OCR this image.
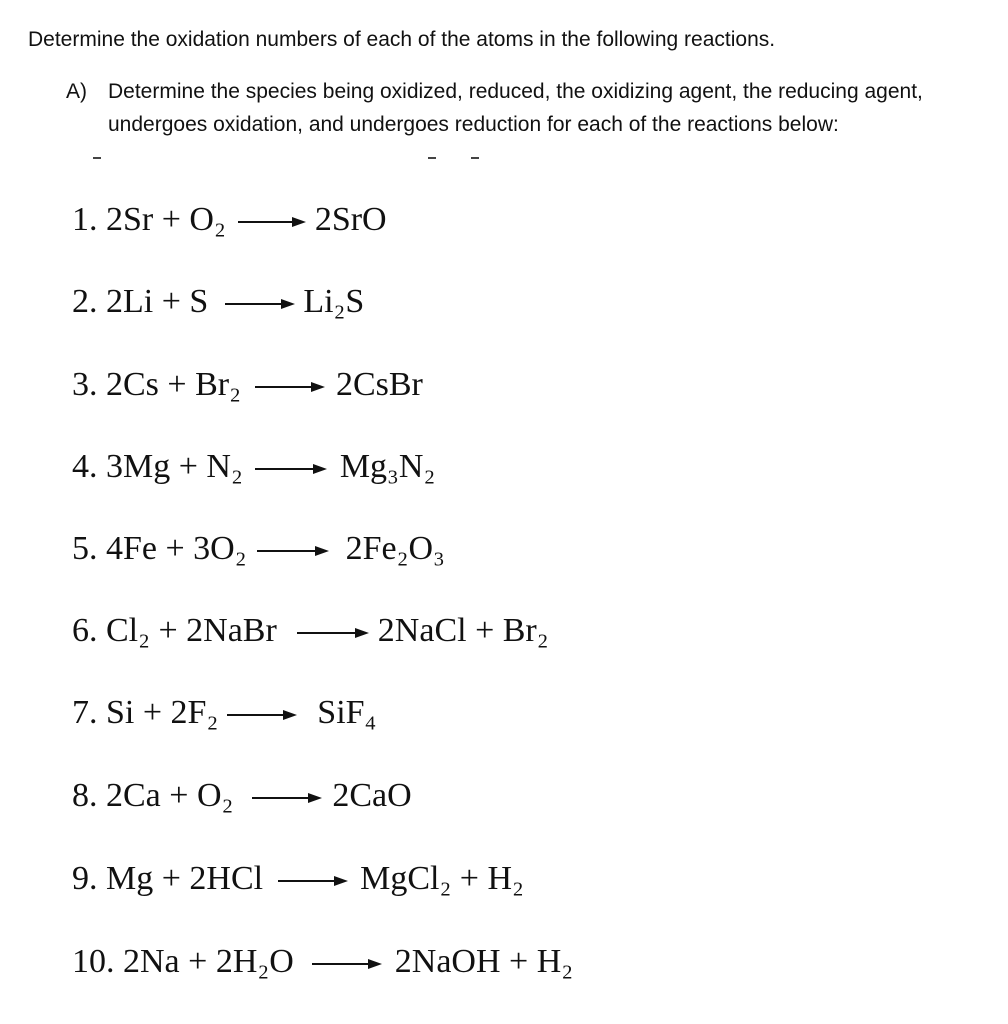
Determine the oxidation numbers of each of the atoms in the following reactions.
A) Determine the species being oxidized, reduced, the oxidizing agent, the reducing agent, undergoes oxidation, and undergoes reduction for each of the reactions below:
1. 2Sr + O₂ → 2SrO
2. 2Li + S → Li₂S
3. 2Cs + Br₂ → 2CsBr
4. 3Mg + N₂ → Mg₃N₂
5. 4Fe + 3O₂ → 2Fe₂O₃
6. Cl₂ + 2NaBr → 2NaCl + Br₂
7. Si + 2F₂ → SiF₄
8. 2Ca + O₂ → 2CaO
9. Mg + 2HCl → MgCl₂ + H₂
10. 2Na + 2H₂O → 2NaOH + H₂
